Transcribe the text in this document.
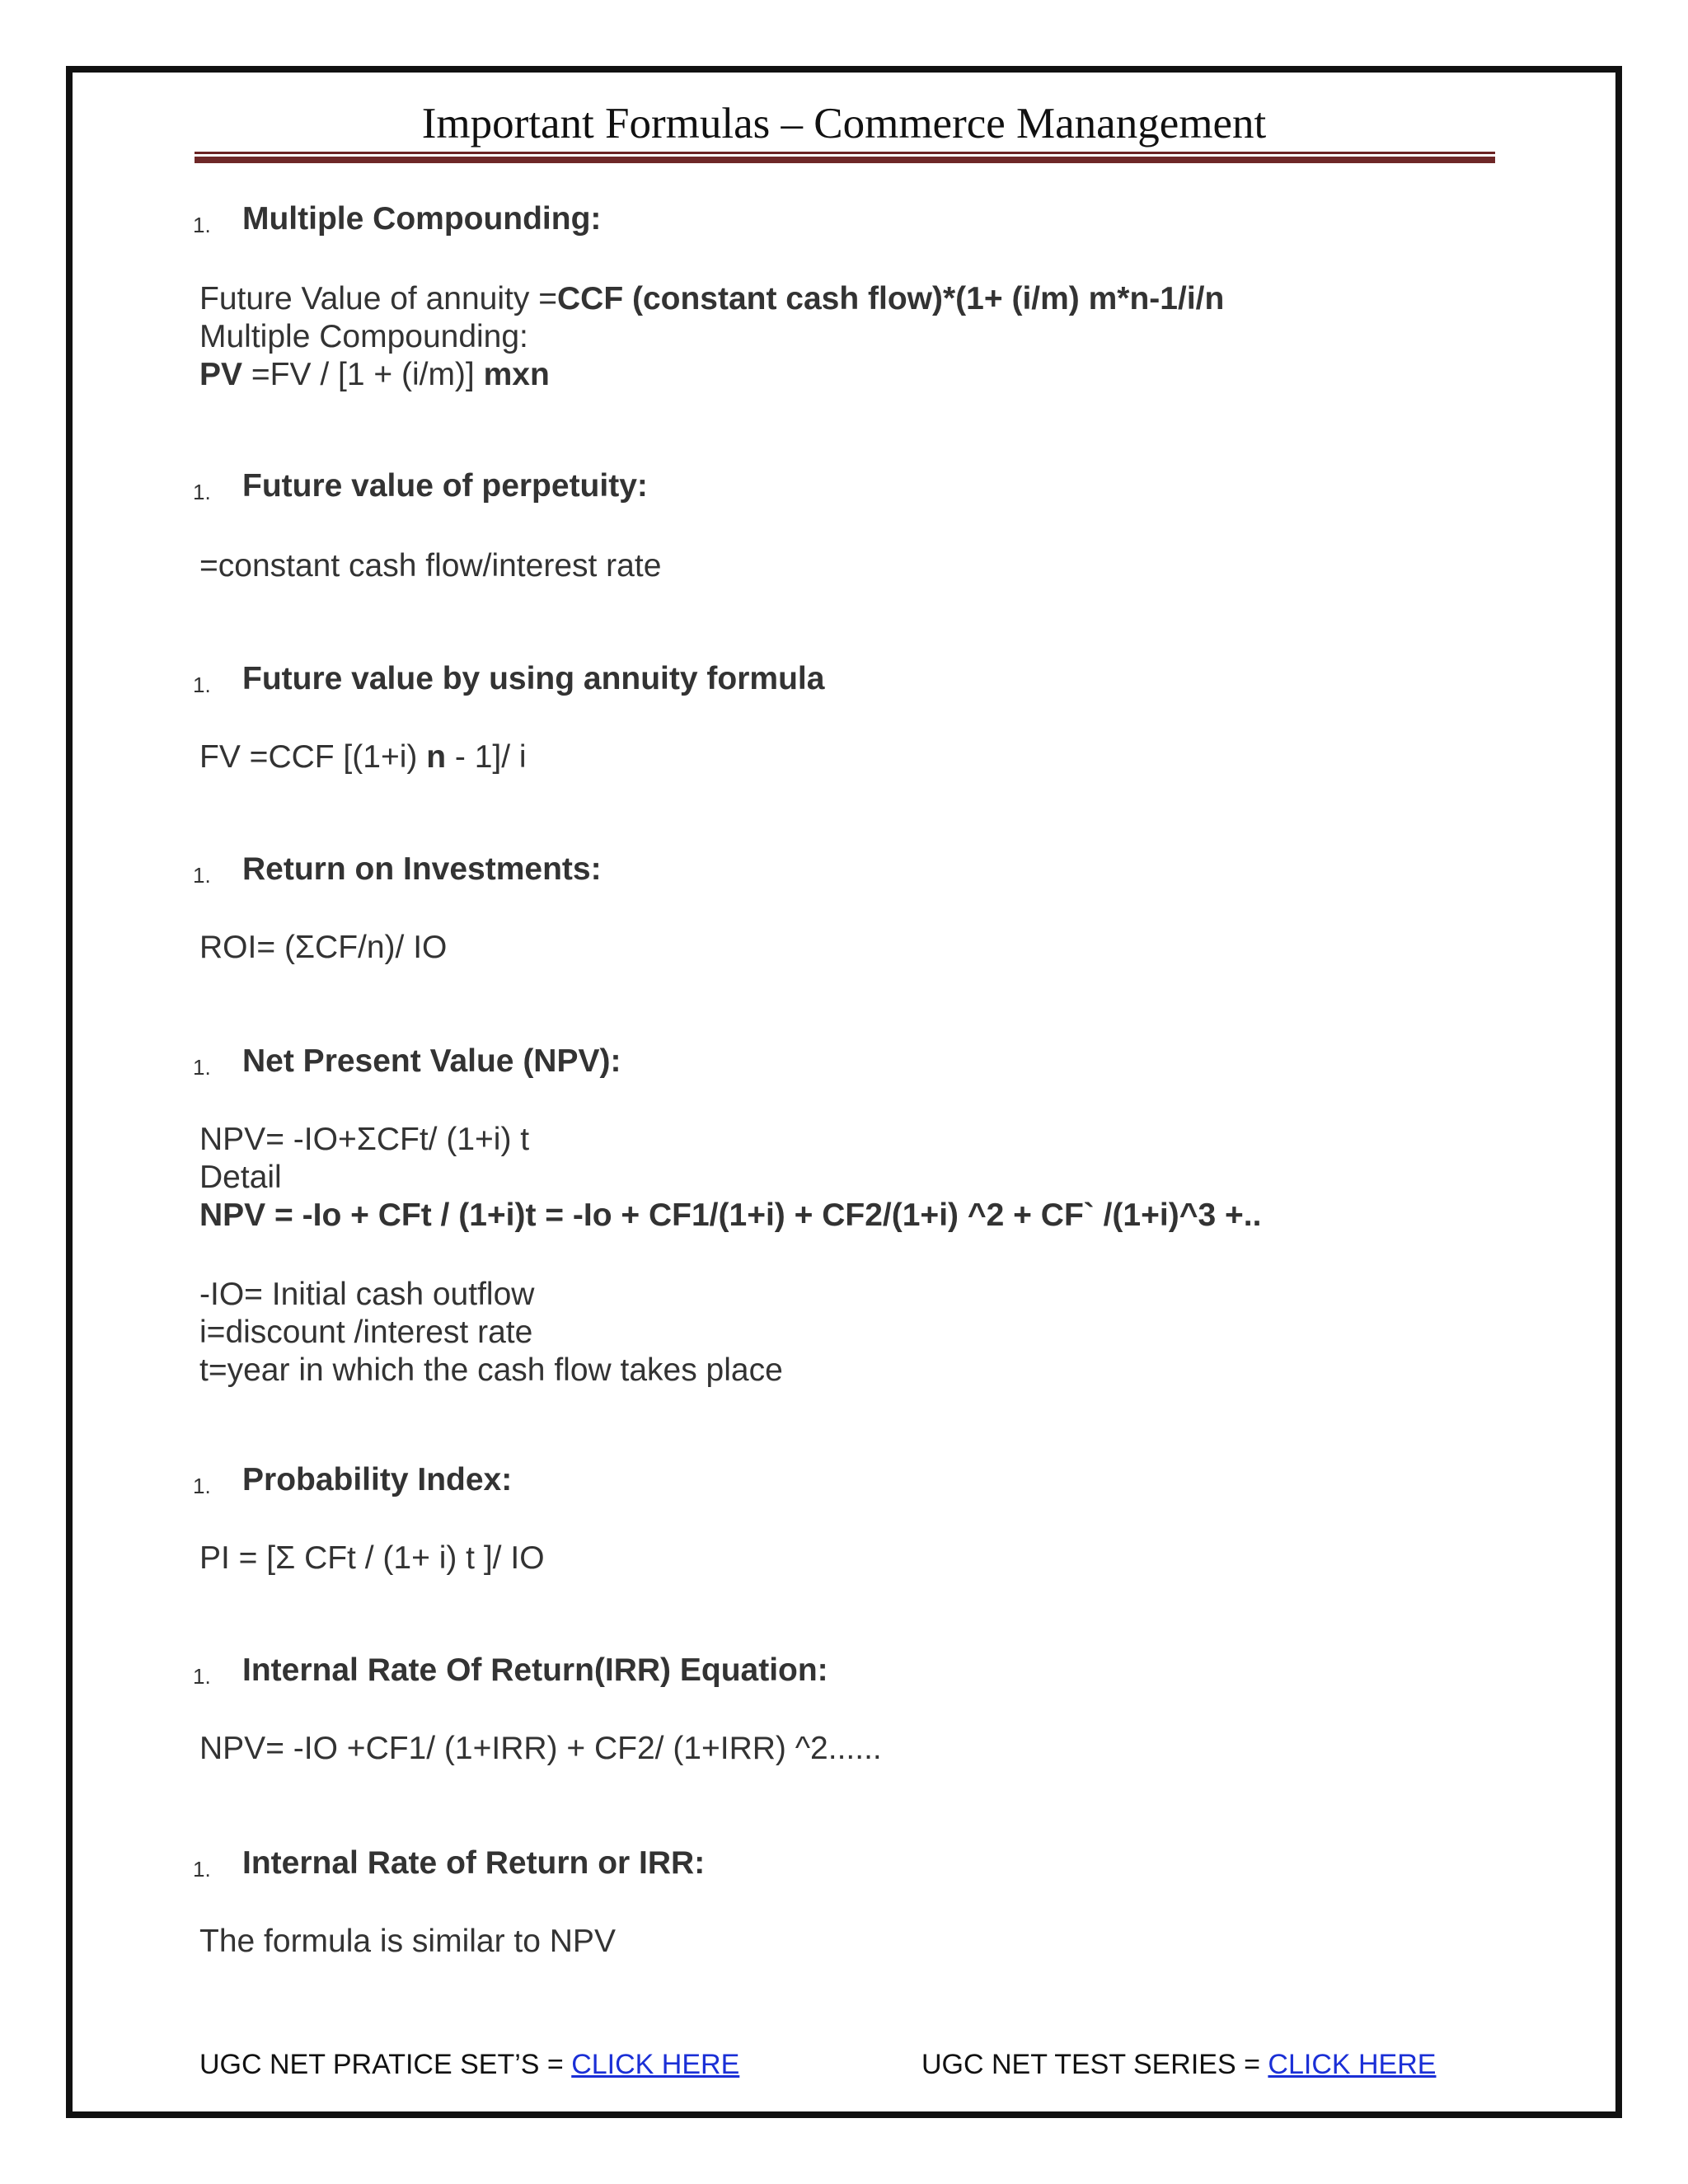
Important Formulas – Commerce Manangement
1. Multiple Compounding:
Future Value of annuity =CCF (constant cash flow)*(1+ (i/m) m*n-1/i/n
Multiple Compounding:
PV =FV / [1 + (i/m)] mxn
1. Future value of perpetuity:
=constant cash flow/interest rate
1. Future value by using annuity formula
FV =CCF [(1+i) n - 1]/ i
1. Return on Investments:
ROI= (ΣCF/n)/ IO
1. Net Present Value (NPV):
NPV= -IO+ΣCFt/ (1+i) t
Detail
NPV = -Io + CFt / (1+i)t = -Io + CF1/(1+i) + CF2/(1+i) ^2 + CF` /(1+i)^3 +..
-IO= Initial cash outflow
i=discount /interest rate
t=year in which the cash flow takes place
1. Probability Index:
PI = [Σ CFt / (1+ i) t ]/ IO
1. Internal Rate Of Return(IRR) Equation:
NPV= -IO +CF1/ (1+IRR) + CF2/ (1+IRR) ^2......
1. Internal Rate of Return or IRR:
The formula is similar to NPV
UGC NET PRATICE SET’S = CLICK HERE	UGC NET TEST SERIES = CLICK HERE
